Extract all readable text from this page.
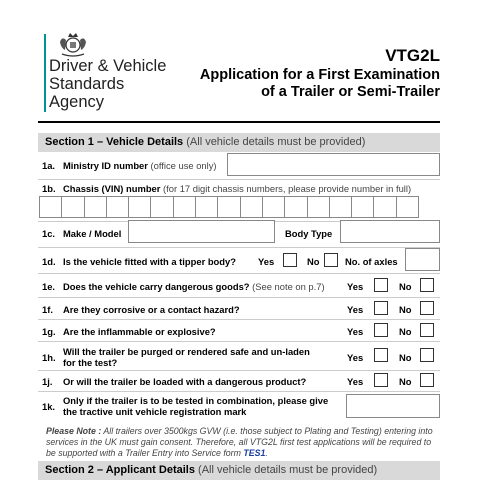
Driver & Vehicle
Standards
Agency
VTG2L
Application for a First Examination
of a Trailer or Semi-Trailer
Section 1 – Vehicle Details (All vehicle details must be provided)
1a. Ministry ID number (office use only)
1b. Chassis (VIN) number (for 17 digit chassis numbers, please provide number in full)
1c. Make / Model	Body Type
1d. Is the vehicle fitted with a tipper body? Yes	No	No. of axles
1e. Does the vehicle carry dangerous goods? (See note on p.7) Yes	No
1f. Are they corrosive or a contact hazard?	Yes	No
1g. Are the inflammable or explosive?	Yes	No
1h.
Will the trailer be purged or rendered safe and un-laden
for the test?	Yes	No
1j. Or will the trailer be loaded with a dangerous product?	Yes	No
1k.
Only if the trailer is to be tested in combination, please give
the tractive unit vehicle registration mark
Please Note : All trailers over 3500kgs GVW (i.e. those subject to Plating and Testing) entering into services in the UK must gain consent. Therefore, all VTG2L first test applications will be required to be supported with a Trailer Entry into Service form TES1.
Section 2 – Applicant Details (All vehicle details must be provided)
